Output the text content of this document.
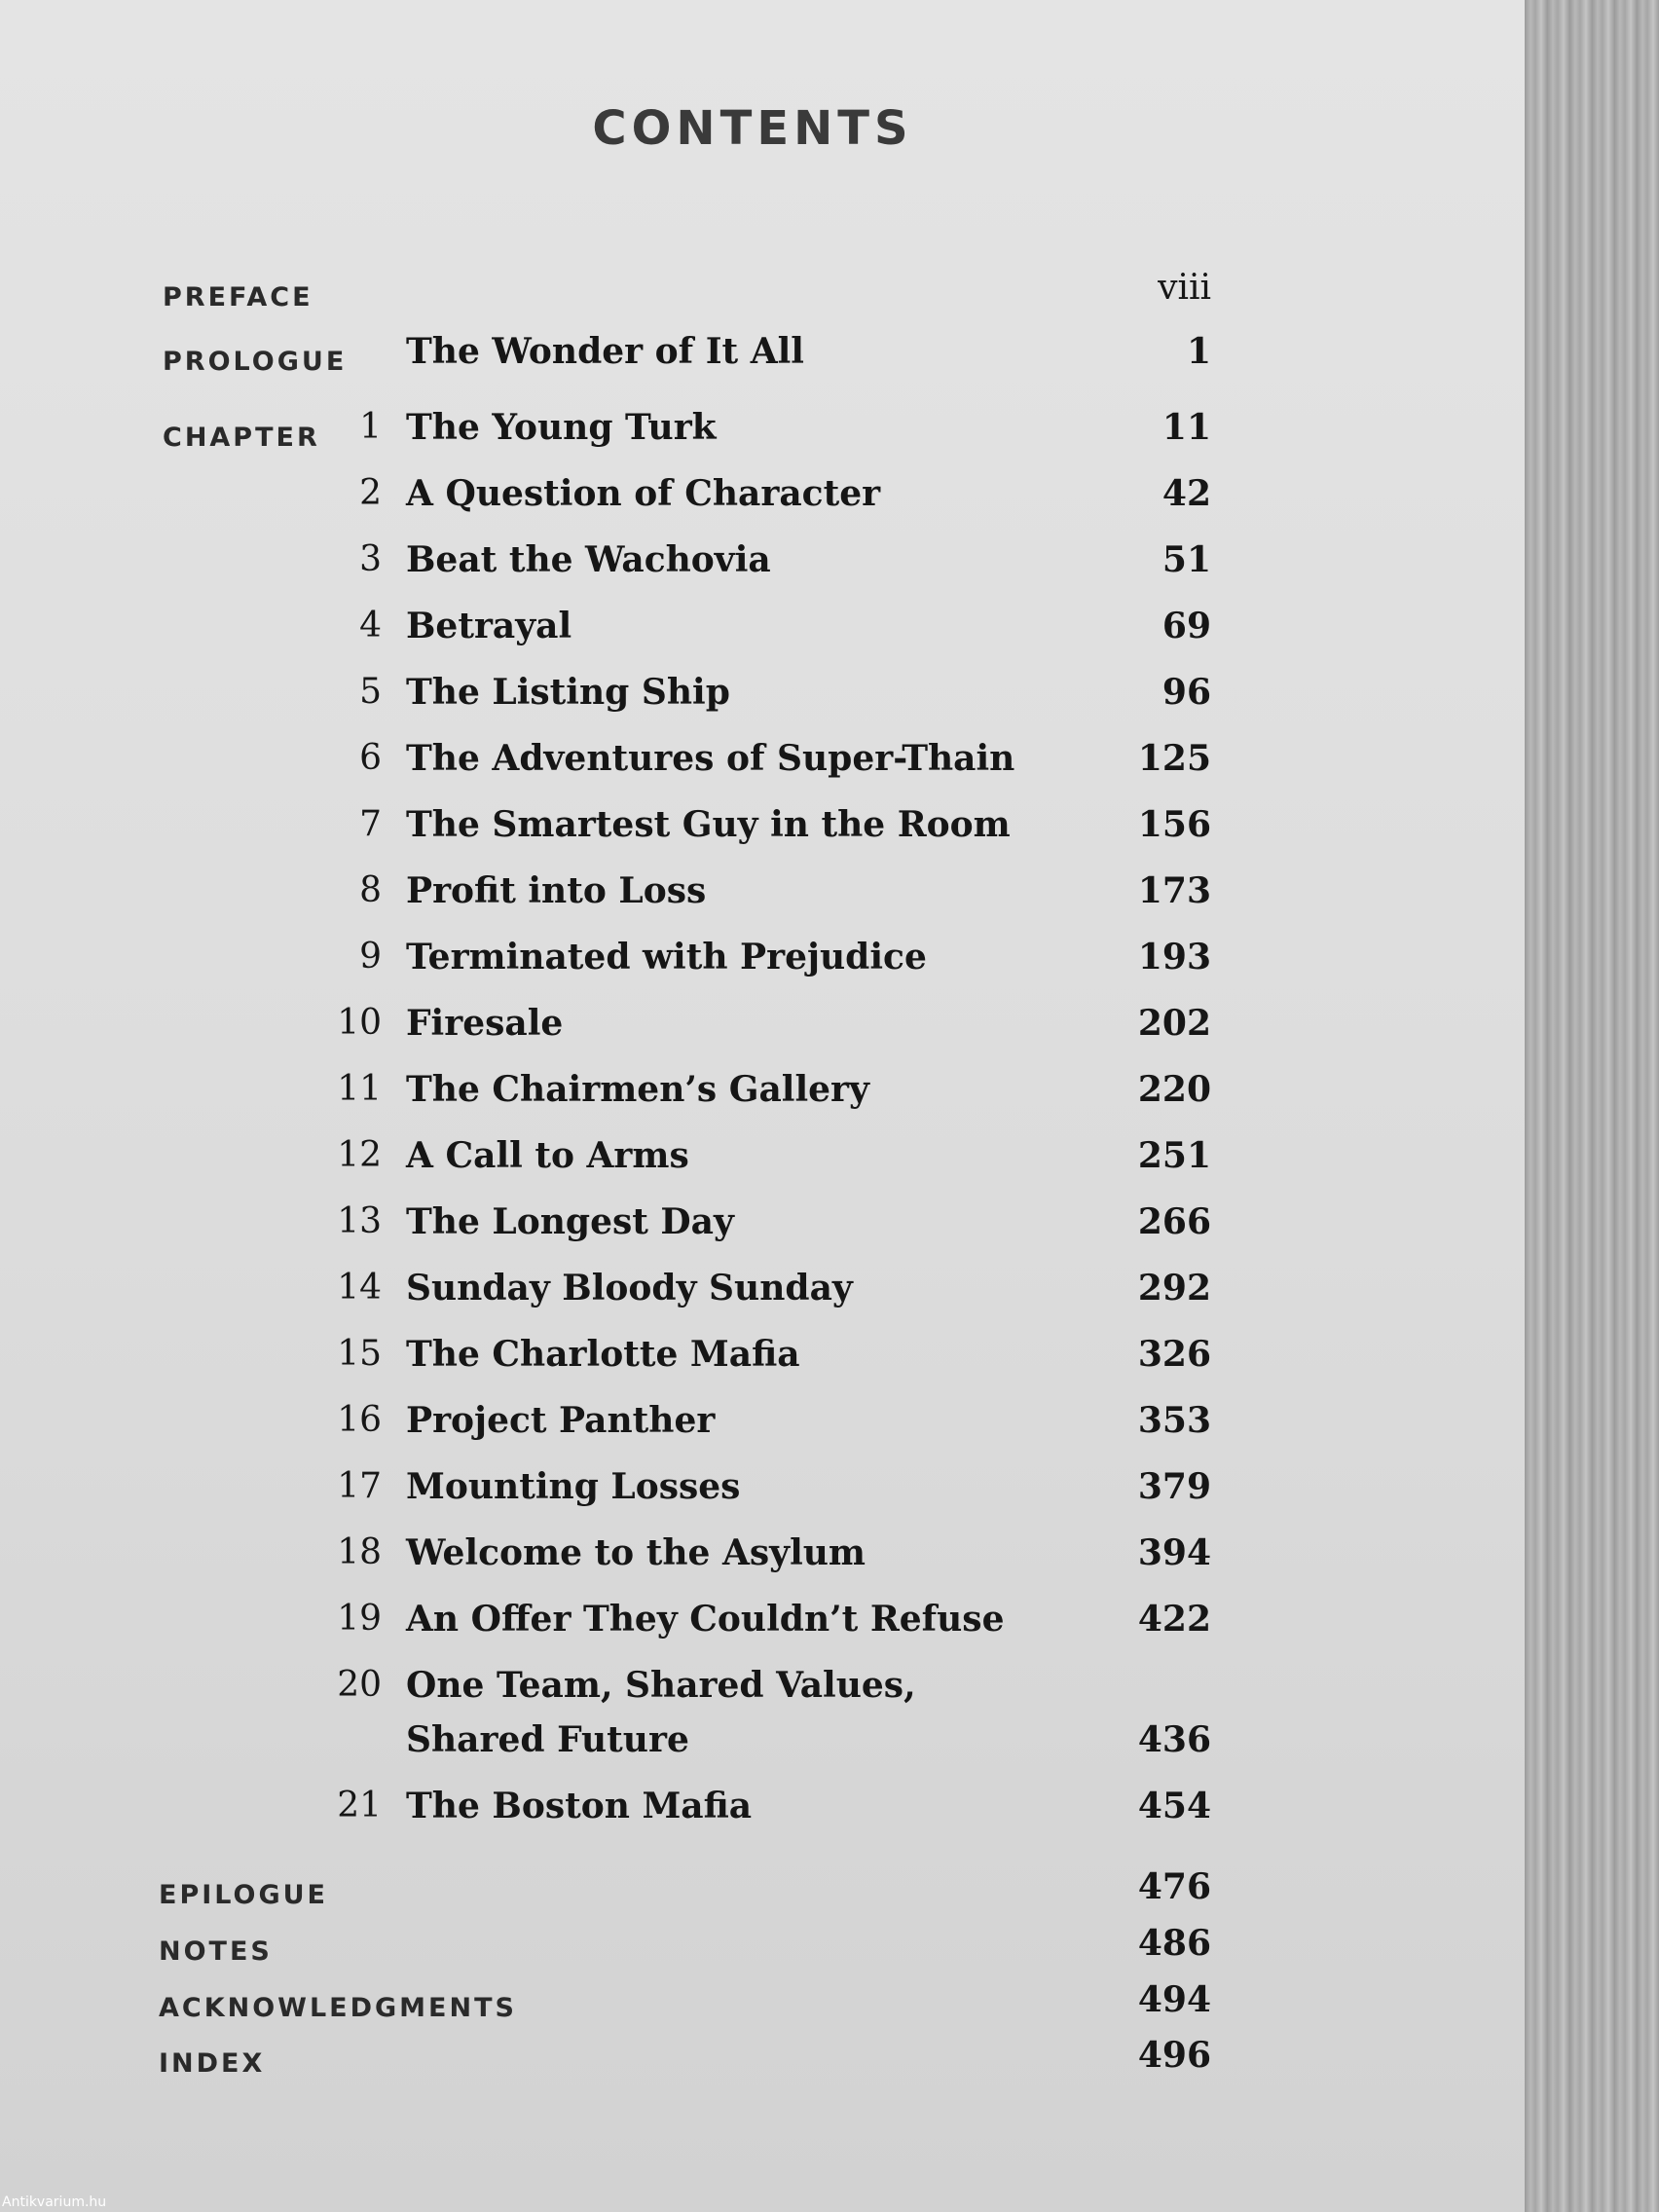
CONTENTS
PREFACE	viii
PROLOGUE The Wonder of It All	1
CHAPTER	1 The Young Turk	11
2 A Question of Character	42
3 Beat the Wachovia	51
4 Betrayal	69
5 The Listing Ship	96
6 The Adventures of Super-Thain	125
7 The Smartest Guy in the Room	156
8 Profit into Loss	173
9 Terminated with Prejudice	193
10 Firesale	202
11 The Chairmen’s Gallery	220
12 A Call to Arms	251
13 The Longest Day	266
14 Sunday Bloody Sunday	292
15 The Charlotte Mafia	326
16 Project Panther	353
17 Mounting Losses	379
18 Welcome to the Asylum	394
19 An Offer They Couldn’t Refuse	422
20 One Team, Shared Values,
Shared Future	436
21 The Boston Mafia	454
EPILOGUE	476
NOTES	486
ACKNOWLEDGMENTS	494
INDEX	496
Antikvarium.hu
